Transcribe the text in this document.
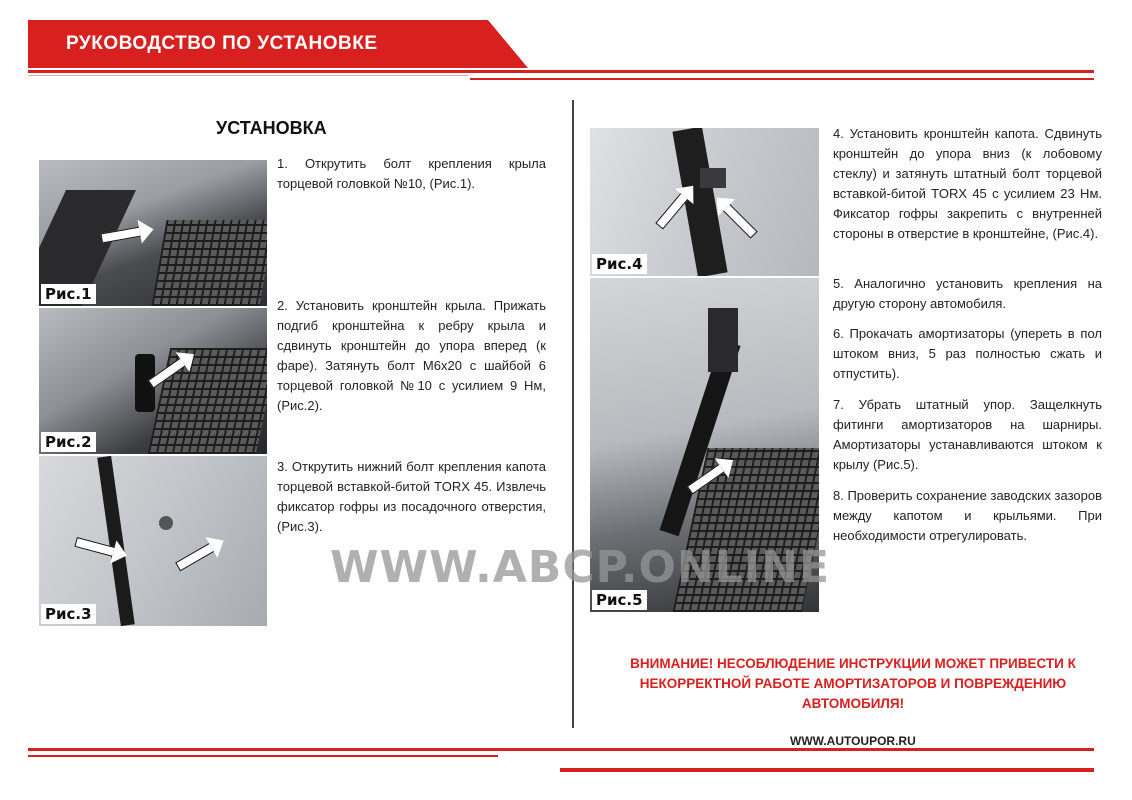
РУКОВОДСТВО ПО УСТАНОВКЕ
УСТАНОВКА
Рис.1
Рис.2
Рис.3
Рис.4
Рис.5
1. Открутить болт крепления крыла торцевой головкой №10, (Рис.1).
2. Установить кронштейн крыла. Прижать подгиб кронштейна к ребру крыла и сдвинуть кронштейн до упора вперед (к фаре). Затянуть болт М6х20 с шайбой 6 торцевой головкой №10 с усилием 9 Нм, (Рис.2).
3. Открутить нижний болт крепления капота торцевой вставкой-битой TORX 45. Извлечь фиксатор гофры из посадочного отверстия, (Рис.3).
4. Установить кронштейн капота. Сдвинуть кронштейн до упора вниз (к лобовому стеклу) и затянуть штатный болт торцевой вставкой-битой TORX 45 с усилием 23 Нм. Фиксатор гофры закрепить с внутренней стороны в отверстие в кронштейне, (Рис.4).
5. Аналогично установить крепления на другую сторону автомобиля.
6. Прокачать амортизаторы (упереть в пол штоком вниз, 5 раз полностью сжать и отпустить).
7. Убрать штатный упор. Защелкнуть фитинги амортизаторов на шарниры. Амортизаторы устанавливаются штоком к крылу (Рис.5).
8. Проверить сохранение заводских зазоров между капотом и крыльями. При необходимости отрегулировать.
WWW.ABCP.ONLINE
ВНИМАНИЕ! НЕСОБЛЮДЕНИЕ ИНСТРУКЦИИ МОЖЕТ ПРИВЕСТИ К НЕКОРРЕКТНОЙ РАБОТЕ АМОРТИЗАТОРОВ И ПОВРЕЖДЕНИЮ АВТОМОБИЛЯ!
WWW.AUTOUPOR.RU
